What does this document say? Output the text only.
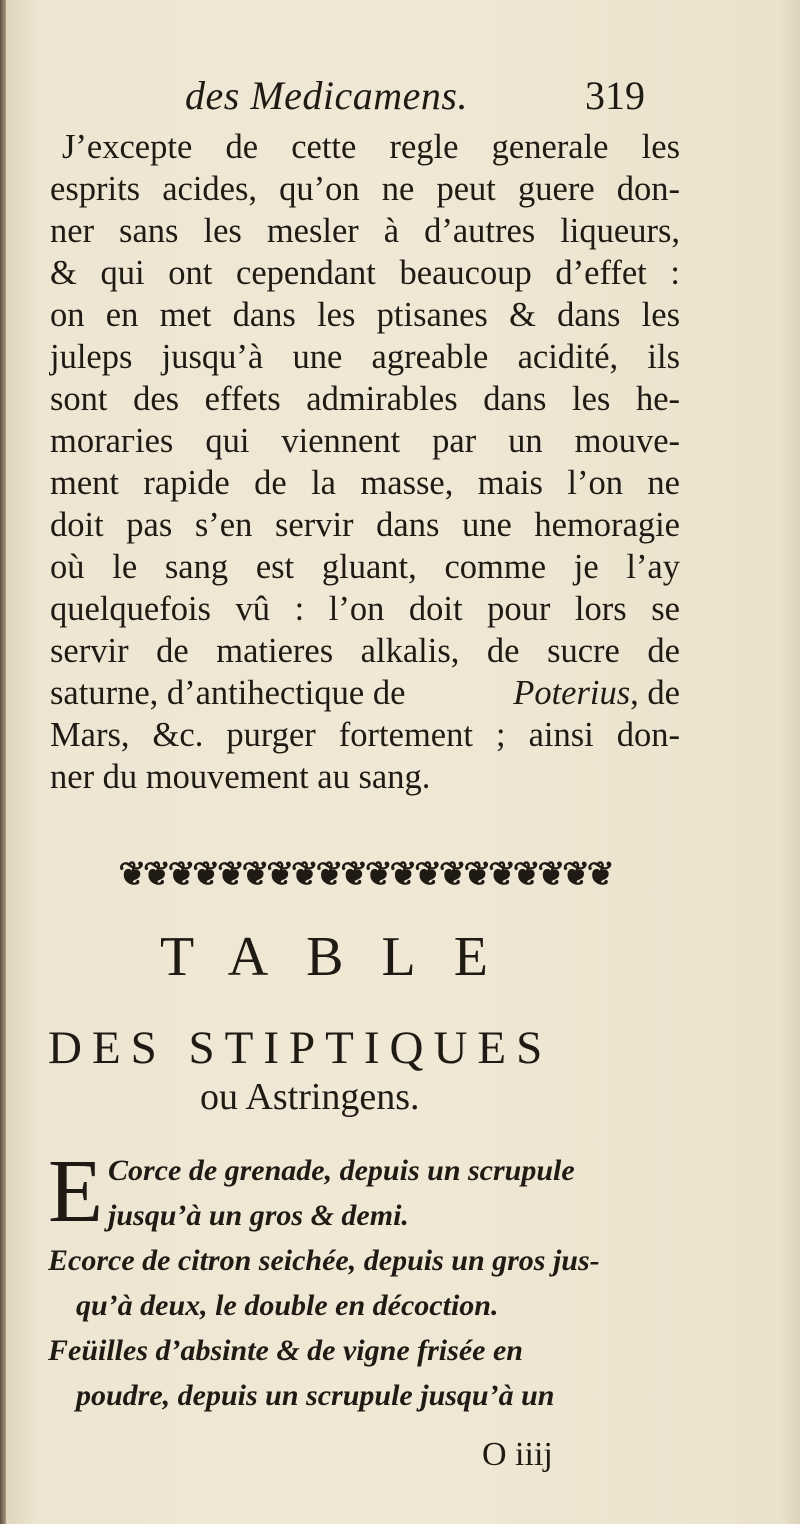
des Medicamens.	319
J’excepte de cette regle generale les
esprits acides, qu’on ne peut guere don-
ner sans les mesler à d’autres liqueurs,
& qui ont cependant beaucoup d’effet :
on en met dans les ptisanes & dans les
juleps jusqu’à une agreable acidité, ils
sont des effets admirables dans les he-
morагies qui viennent par un mouve-
ment rapide de la masse, mais l’on ne
doit pas s’en servir dans une hemoragie
où le sang est gluant, comme je l’ay
quelquefois vû : l’on doit pour lors se
servir de matieres alkalis, de sucre de
saturne, d’antiheсtique de	Poterius, de
Mars, &c. purger fortement ; ainsi don-
ner du mouvement au sang.
❦❦❦❦❦❦❦❦❦❦❦❦❦❦❦❦❦❦❦❦
TABLE
DES STIPTIQUES
ou Astringens.
E Corce de grenade, depuis un scrupule
jusqu’à un gros & demi.
Ecorce de citron seichée, depuis un gros jus-
qu’à deux, le double en décoction.
Feüilles d’absinte & de vigne frisée en
poudre, depuis un scrupule jusqu’à un
O iiij
